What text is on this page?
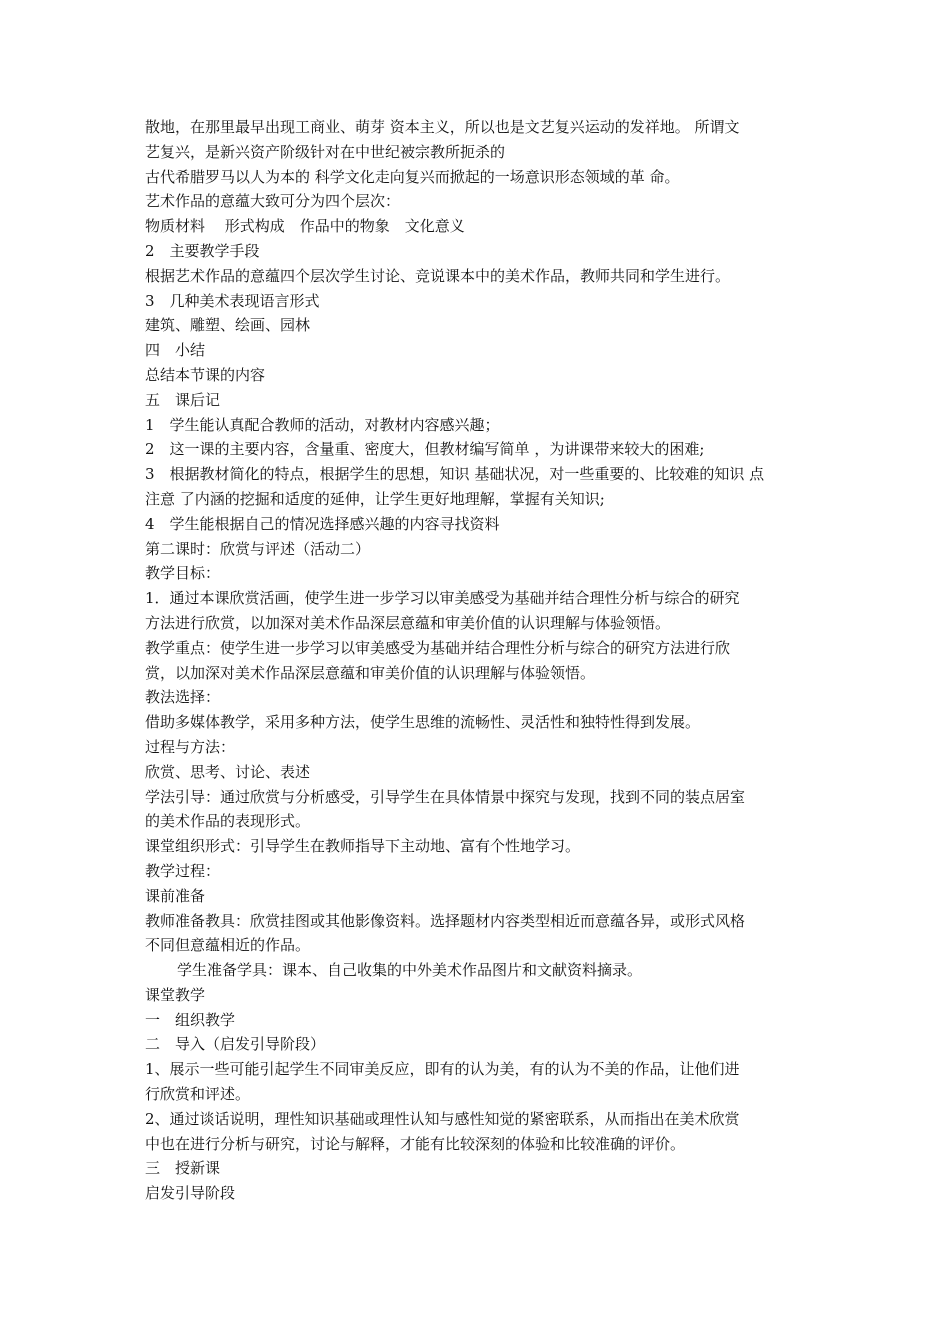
散地，在那里最早出现工商业、萌芽 资本主义，所以也是文艺复兴运动的发祥地。 所谓文
艺复兴，是新兴资产阶级针对在中世纪被宗教所扼杀的
古代希腊罗马以人为本的 科学文化走向复兴而掀起的一场意识形态领域的革 命。
艺术作品的意蕴大致可分为四个层次：
物质材料　 形式构成　作品中的物象　文化意义
2　主要教学手段
根据艺术作品的意蕴四个层次学生讨论、竞说课本中的美术作品，教师共同和学生进行。
3　几种美术表现语言形式
建筑、雕塑、绘画、园林
四　小结
总结本节课的内容
五　课后记
1　学生能认真配合教师的活动，对教材内容感兴趣；
2　这一课的主要内容，含量重、密度大，但教材编写简单 ，为讲课带来较大的困难;
3　根据教材简化的特点，根据学生的思想，知识 基础状况，对一些重要的、比较难的知识 点
注意 了内涵的挖掘和适度的延伸，让学生更好地理解，掌握有关知识;
4　学生能根据自己的情况选择感兴趣的内容寻找资料
第二课时：欣赏与评述（活动二）
教学目标：
1．通过本课欣赏活画，使学生进一步学习以审美感受为基础并结合理性分析与综合的研究
方法进行欣赏，以加深对美术作品深层意蕴和审美价值的认识理解与体验领悟。
教学重点：使学生进一步学习以审美感受为基础并结合理性分析与综合的研究方法进行欣
赏，以加深对美术作品深层意蕴和审美价值的认识理解与体验领悟。
教法选择：
借助多媒体教学，采用多种方法，使学生思维的流畅性、灵活性和独特性得到发展。
过程与方法：
欣赏、思考、讨论、表述
学法引导：通过欣赏与分析感受，引导学生在具体情景中探究与发现，找到不同的装点居室
的美术作品的表现形式。
课堂组织形式：引导学生在教师指导下主动地、富有个性地学习。
教学过程：
课前准备
教师准备教具：欣赏挂图或其他影像资料。选择题材内容类型相近而意蕴各异，或形式风格
不同但意蕴相近的作品。
学生准备学具：课本、自己收集的中外美术作品图片和文献资料摘录。
课堂教学
一　组织教学
二　导入（启发引导阶段）
1、展示一些可能引起学生不同审美反应，即有的认为美，有的认为不美的作品，让他们进
行欣赏和评述。
2、通过谈话说明，理性知识基础或理性认知与感性知觉的紧密联系，从而指出在美术欣赏
中也在进行分析与研究，讨论与解释，才能有比较深刻的体验和比较准确的评价。
三　授新课
启发引导阶段
